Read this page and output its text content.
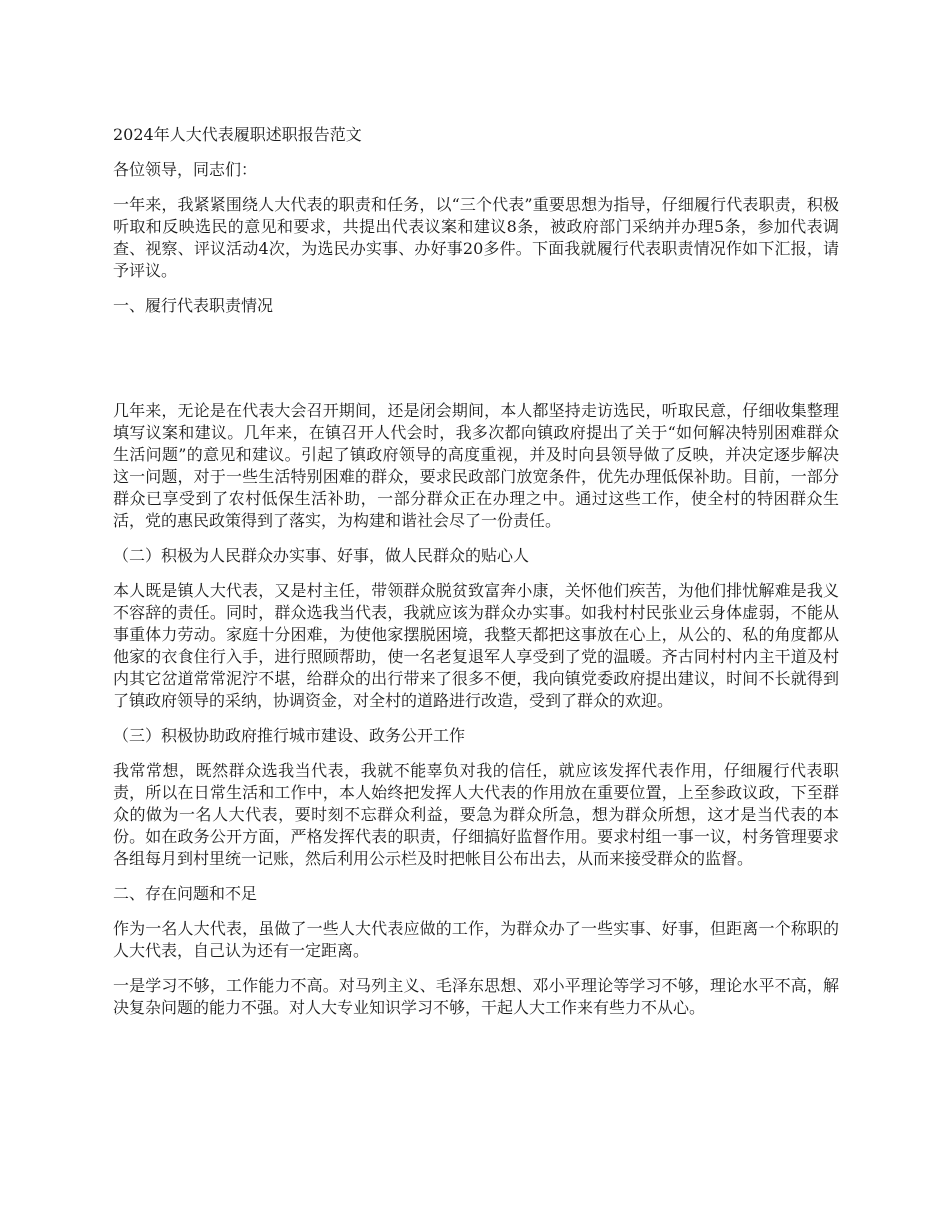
2024年人大代表履职述职报告范文

各位领导，同志们：

一年来，我紧紧围绕人大代表的职责和任务，以“三个代表”重要思想为指导，仔细履行代表职责，积极听取和反映选民的意见和要求，共提出代表议案和建议8条，被政府部门采纳并办理5条，参加代表调查、视察、评议活动4次，为选民办实事、办好事20多件。下面我就履行代表职责情况作如下汇报，请予评议。

一、履行代表职责情况

几年来，无论是在代表大会召开期间，还是闭会期间，本人都坚持走访选民，听取民意，仔细收集整理填写议案和建议。几年来，在镇召开人代会时，我多次都向镇政府提出了关于“如何解决特别困难群众生活问题”的意见和建议。引起了镇政府领导的高度重视，并及时向县领导做了反映，并决定逐步解决这一问题，对于一些生活特别困难的群众，要求民政部门放宽条件，优先办理低保补助。目前，一部分群众已享受到了农村低保生活补助，一部分群众正在办理之中。通过这些工作，使全村的特困群众生活，党的惠民政策得到了落实，为构建和谐社会尽了一份责任。

（二）积极为人民群众办实事、好事，做人民群众的贴心人

本人既是镇人大代表，又是村主任，带领群众脱贫致富奔小康，关怀他们疾苦，为他们排忧解难是我义不容辞的责任。同时，群众选我当代表，我就应该为群众办实事。如我村村民张业云身体虚弱，不能从事重体力劳动。家庭十分困难，为使他家摆脱困境，我整天都把这事放在心上，从公的、私的角度都从他家的衣食住行入手，进行照顾帮助，使一名老复退军人享受到了党的温暖。齐古同村村内主干道及村内其它岔道常常泥泞不堪，给群众的出行带来了很多不便，我向镇党委政府提出建议，时间不长就得到了镇政府领导的采纳，协调资金，对全村的道路进行改造，受到了群众的欢迎。

（三）积极协助政府推行城市建设、政务公开工作

我常常想，既然群众选我当代表，我就不能辜负对我的信任，就应该发挥代表作用，仔细履行代表职责，所以在日常生活和工作中，本人始终把发挥人大代表的作用放在重要位置，上至参政议政，下至群众的做为一名人大代表，要时刻不忘群众利益，要急为群众所急，想为群众所想，这才是当代表的本份。如在政务公开方面，严格发挥代表的职责，仔细搞好监督作用。要求村组一事一议，村务管理要求各组每月到村里统一记账，然后利用公示栏及时把帐目公布出去，从而来接受群众的监督。

二、存在问题和不足

作为一名人大代表，虽做了一些人大代表应做的工作，为群众办了一些实事、好事，但距离一个称职的人大代表，自己认为还有一定距离。

一是学习不够，工作能力不高。对马列主义、毛泽东思想、邓小平理论等学习不够，理论水平不高，解决复杂问题的能力不强。对人大专业知识学习不够，干起人大工作来有些力不从心。
